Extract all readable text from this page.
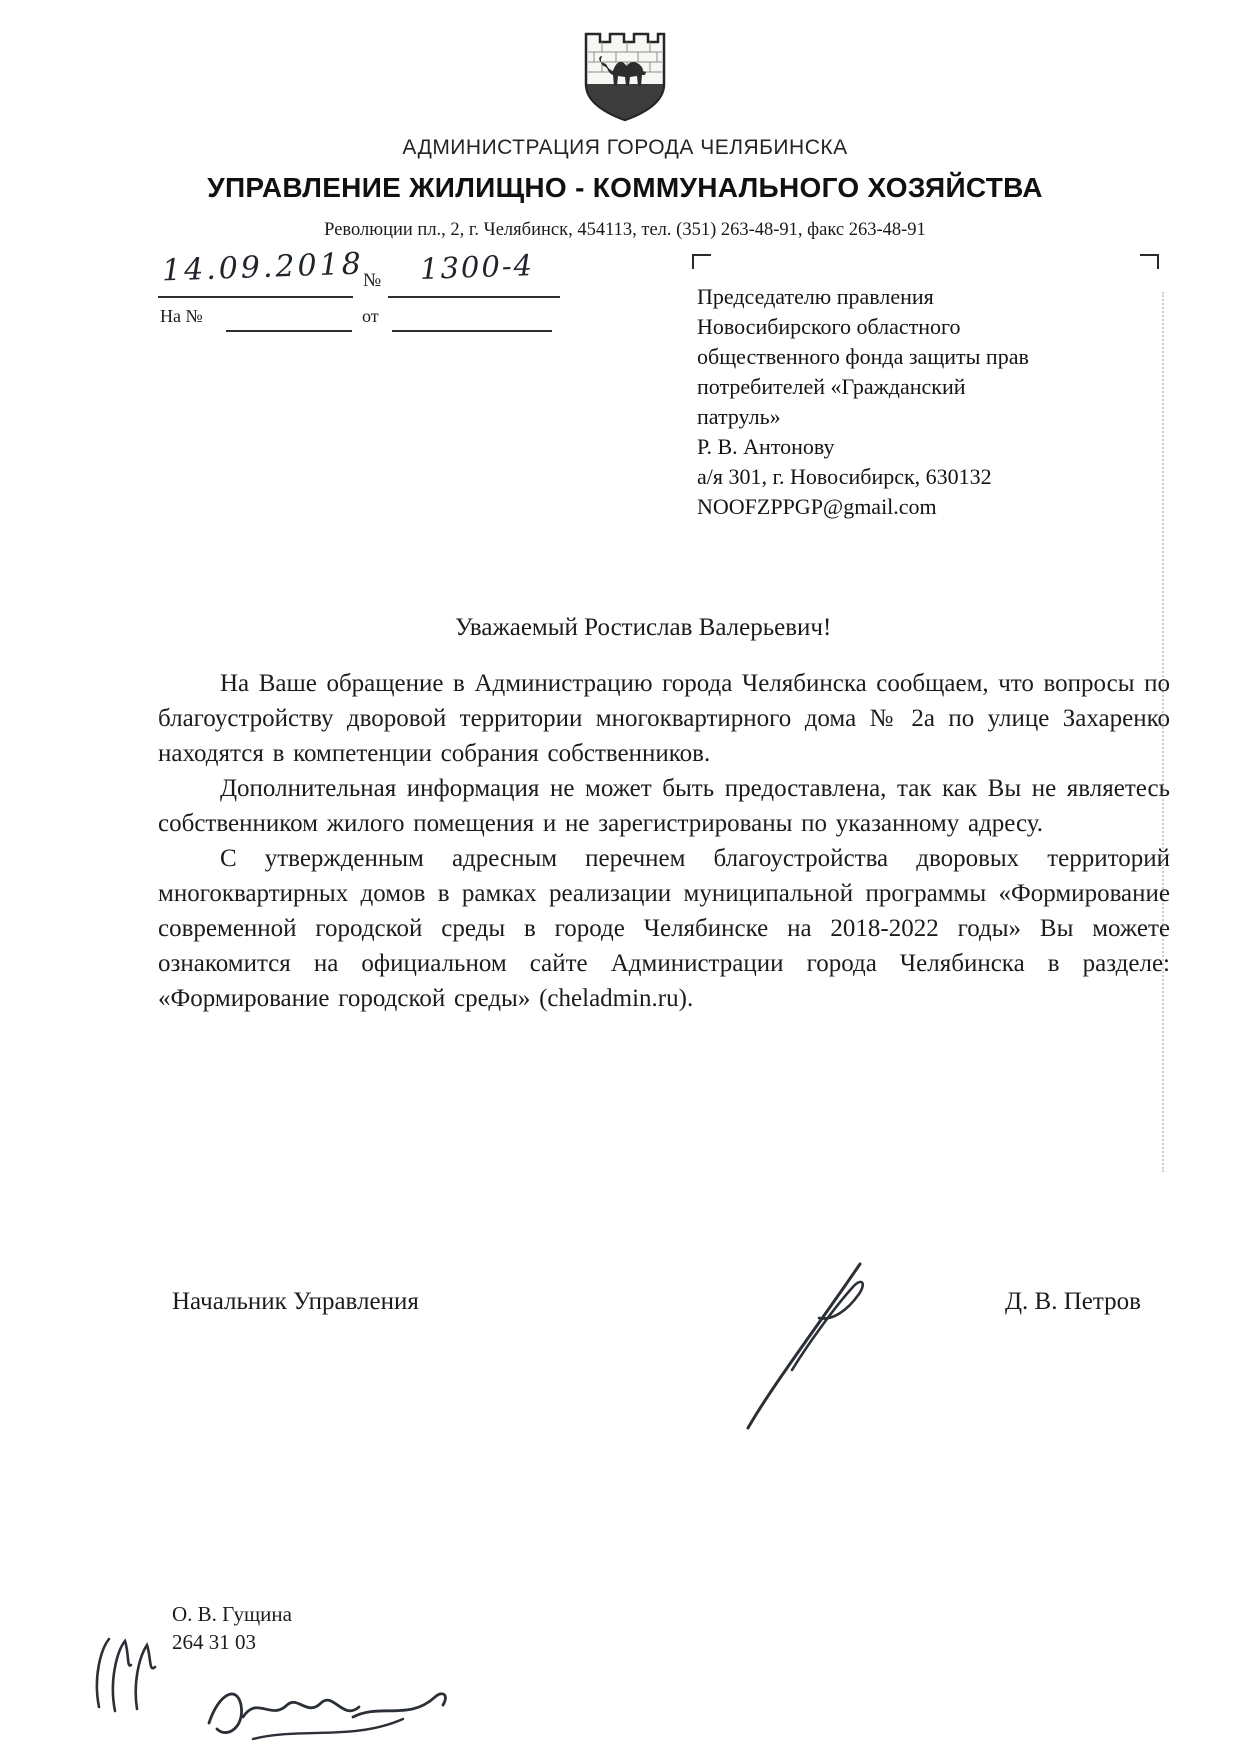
АДМИНИСТРАЦИЯ ГОРОДА ЧЕЛЯБИНСКА
УПРАВЛЕНИЕ ЖИЛИЩНО - КОММУНАЛЬНОГО ХОЗЯЙСТВА
Революции пл., 2, г. Челябинск, 454113, тел. (351) 263-48-91, факс 263-48-91
14.09.2018
№ 1300-4
На №	от
Председателю правления
Новосибирского областного
общественного фонда защиты прав
потребителей «Гражданский
патруль»
Р. В. Антонову
а/я 301, г. Новосибирск, 630132
NOOFZPPGP@gmail.com
Уважаемый Ростислав Валерьевич!

На Ваше обращение в Администрацию города Челябинска сообщаем, что вопросы по благоустройству дворовой территории многоквартирного дома № 2а по улице Захаренко находятся в компетенции собрания собственников.

Дополнительная информация не может быть предоставлена, так как Вы не являетесь собственником жилого помещения и не зарегистрированы по указанному адресу.

С утвержденным адресным перечнем благоустройства дворовых территорий многоквартирных домов в рамках реализации муниципальной программы «Формирование современной городской среды в городе Челябинске на 2018-2022 годы» Вы можете ознакомится на официальном сайте Администрации города Челябинска в разделе: «Формирование городской среды» (cheladmin.ru).

Начальник Управления	Д. В. Петров
О. В. Гущина
264 31 03
